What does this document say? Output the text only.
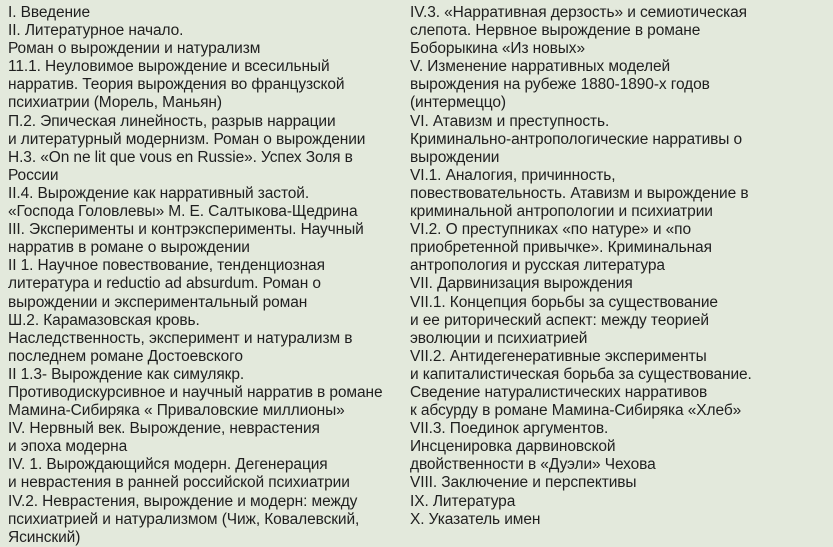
I. Введение
II. Литературное начало.
Роман о вырождении и натурализм
11.1. Неуловимое вырождение и всесильный
нарратив. Теория вырождения во французской
психиатрии (Морель, Маньян)
П.2. Эпическая линейность, разрыв наррации
и литературный модернизм. Роман о вырождении
Н.3. «On ne lit que vous en Russie». Успех Золя в
России
II.4. Вырождение как нарративный застой.
«Господа Головлевы» М. Е. Салтыкова-Щедрина
III. Эксперименты и контрэксперименты. Научный
нарратив в романе о вырождении
II 1. Научное повествование, тенденциозная
литература и reductio ad absurdum. Роман о
вырождении и экспериментальный роман
Ш.2. Карамазовская кровь.
Наследственность, эксперимент и натурализм в
последнем романе Достоевского
II 1.3- Вырождение как симулякр.
Противодискурсивное и научный нарратив в романе
Мамина-Сибиряка « Приваловские миллионы»
IV. Нервный век. Вырождение, неврастения
и эпоха модерна
IV. 1. Вырождающийся модерн. Дегенерация
и неврастения в ранней российской психиатрии
IV.2. Неврастения, вырождение и модерн: между
психиатрией и натурализмом (Чиж, Ковалевский,
Ясинский)
IV.3. «Нарративная дерзость» и семиотическая
слепота. Нервное вырождение в романе
Боборыкина «Из новых»
V. Изменение нарративных моделей
вырождения на рубеже 1880-1890-х годов
(интермеццо)
VI. Атавизм и преступность.
Криминально-антропологические нарративы о
вырождении
VI.1. Аналогия, причинность,
повествовательность. Атавизм и вырождение в
криминальной антропологии и психиатрии
VI.2. О преступниках «по натуре» и «по
приобретенной привычке». Криминальная
антропология и русская литература
VII. Дарвинизация вырождения
VII.1. Концепция борьбы за существование
и ее риторический аспект: между теорией
эволюции и психиатрией
VII.2. Антидегенеративные эксперименты
и капиталистическая борьба за существование.
Сведение натуралистических нарративов
к абсурду в романе Мамина-Сибиряка «Хлеб»
VII.3. Поединок аргументов.
Инсценировка дарвиновской
двойственности в «Дуэли» Чехова
VIII. Заключение и перспективы
IX. Литература
X. Указатель имен
